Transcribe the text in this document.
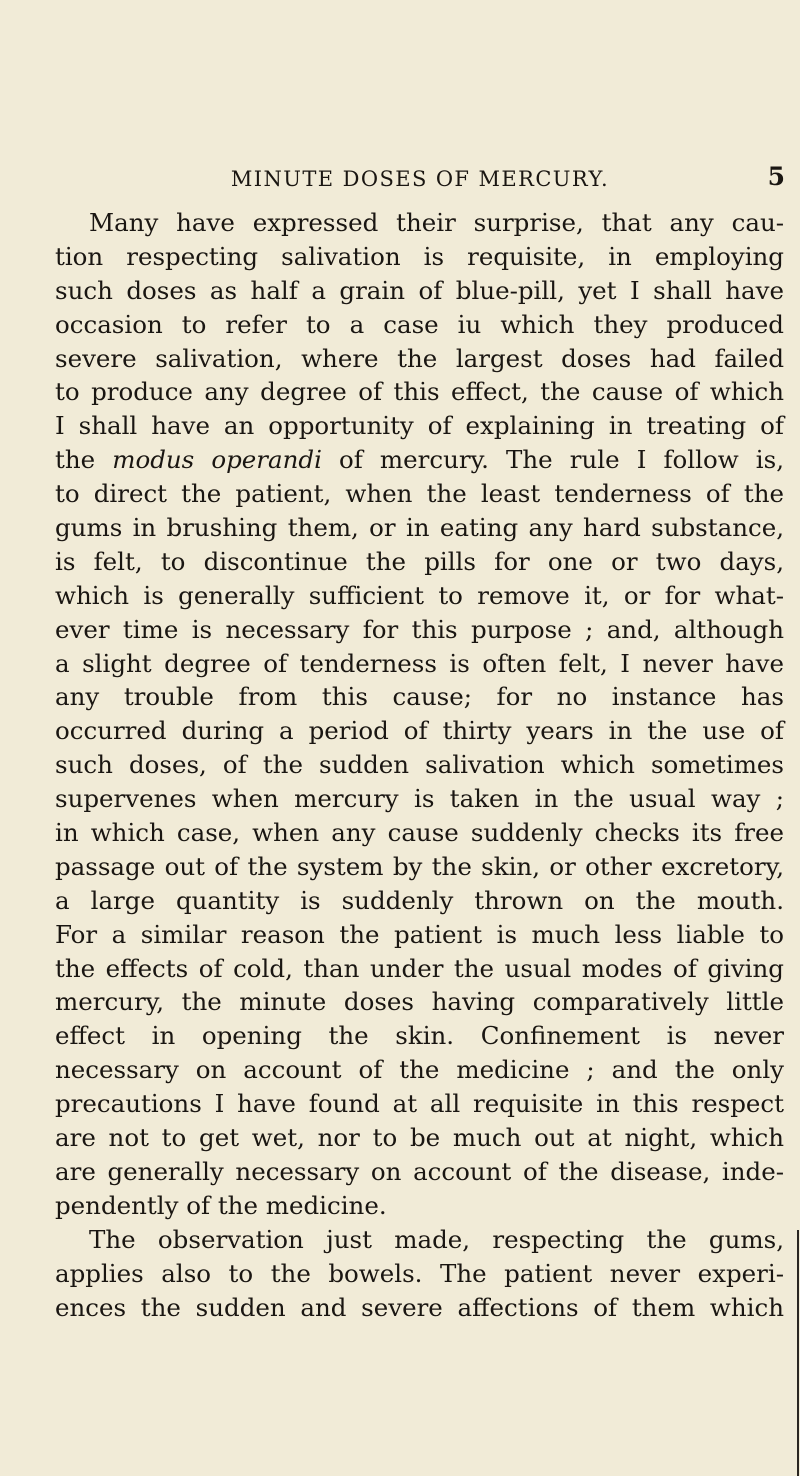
MINUTE DOSES OF MERCURY.	5
Many have expressed their surprise, that any cau-
tion respecting salivation is requisite, in employing
such doses as half a grain of blue-pill, yet I shall have
occasion to refer to a case iu which they produced
severe salivation, where the largest doses had failed
to produce any degree of this effect, the cause of which
I shall have an opportunity of explaining in treating of
the modus operandi of mercury. The rule I follow is,
to direct the patient, when the least tenderness of the
gums in brushing them, or in eating any hard substance,
is felt, to discontinue the pills for one or two days,
which is generally sufficient to remove it, or for what-
ever time is necessary for this purpose ; and, although
a slight degree of tenderness is often felt, I never have
any trouble from this cause; for no instance has
occurred during a period of thirty years in the use of
such doses, of the sudden salivation which sometimes
supervenes when mercury is taken in the usual way ;
in which case, when any cause suddenly checks its free
passage out of the system by the skin, or other excretory,
a large quantity is suddenly thrown on the mouth.
For a similar reason the patient is much less liable to
the effects of cold, than under the usual modes of giving
mercury, the minute doses having comparatively little
effect in opening the skin. Confinement is never
necessary on account of the medicine ; and the only
precautions I have found at all requisite in this respect
are not to get wet, nor to be much out at night, which
are generally necessary on account of the disease, inde-
pendently of the medicine.
The observation just made, respecting the gums,
applies also to the bowels. The patient never experi-
ences the sudden and severe affections of them which
